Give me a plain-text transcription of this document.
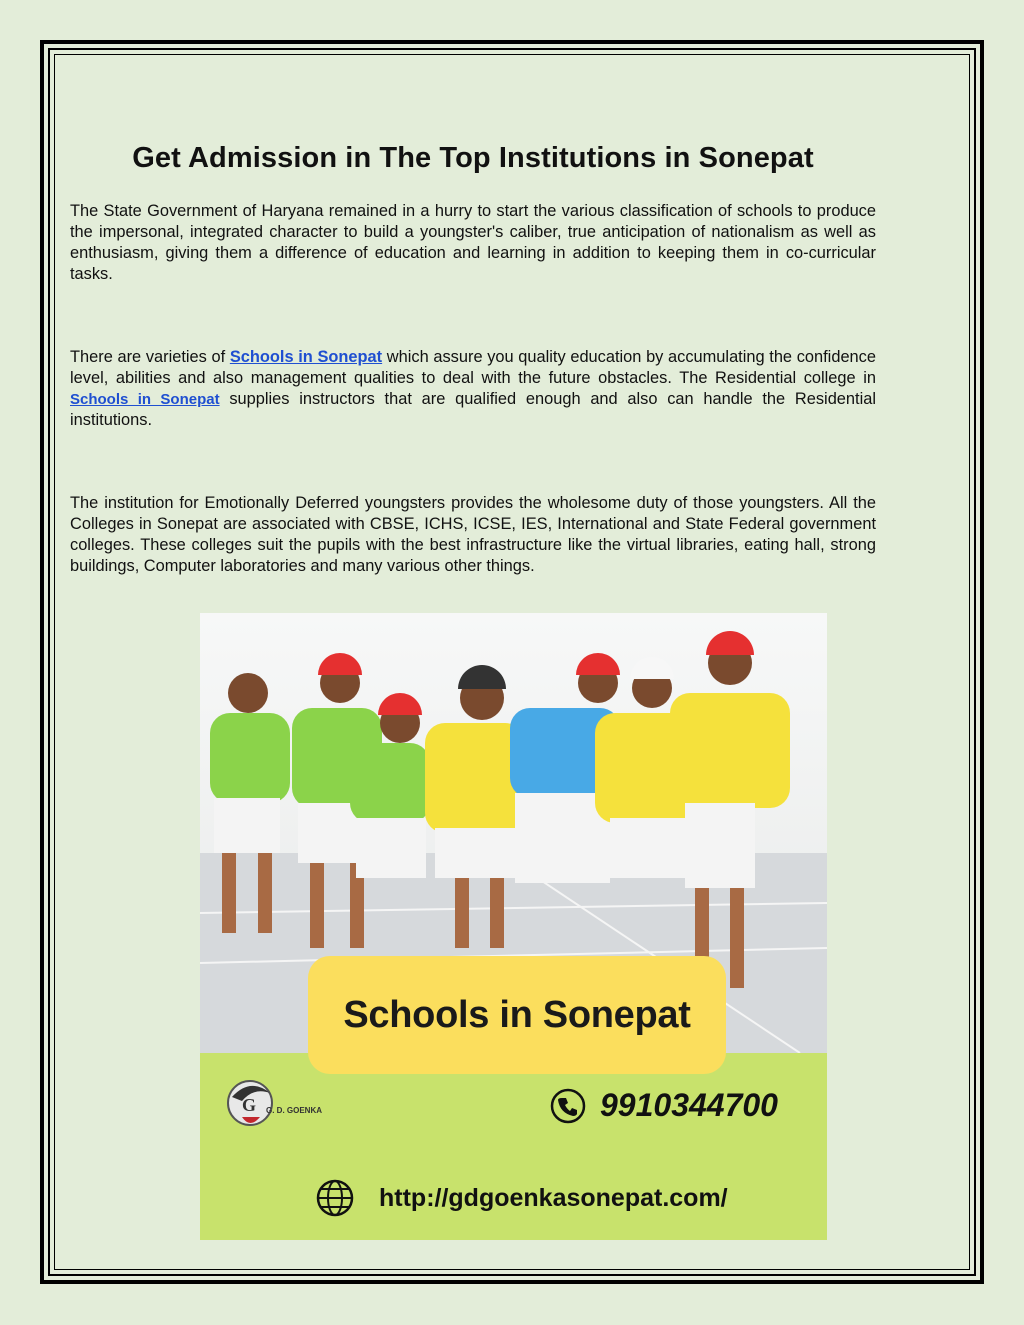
Get Admission in The Top Institutions in Sonepat

The State Government of Haryana remained in a hurry to start the various classification of schools to produce the impersonal, integrated character to build a youngster's caliber, true anticipation of nationalism as well as enthusiasm, giving them a difference of education and learning in addition to keeping them in co-curricular tasks.

There are varieties of Schools in Sonepat which assure you quality education by accumulating the confidence level, abilities and also management qualities to deal with the future obstacles. The Residential college in Schools in Sonepat supplies instructors that are qualified enough and also can handle the Residential institutions.

The institution for Emotionally Deferred youngsters provides the wholesome duty of those youngsters. All the Colleges in Sonepat are associated with CBSE, ICHS, ICSE, IES, International and State Federal government colleges. These colleges suit the pupils with the best infrastructure like the virtual libraries, eating hall, strong buildings, Computer laboratories and many various other things.

Schools in Sonepat
G G. D. GOENKA	9910344700
http://gdgoenkasonepat.com/
